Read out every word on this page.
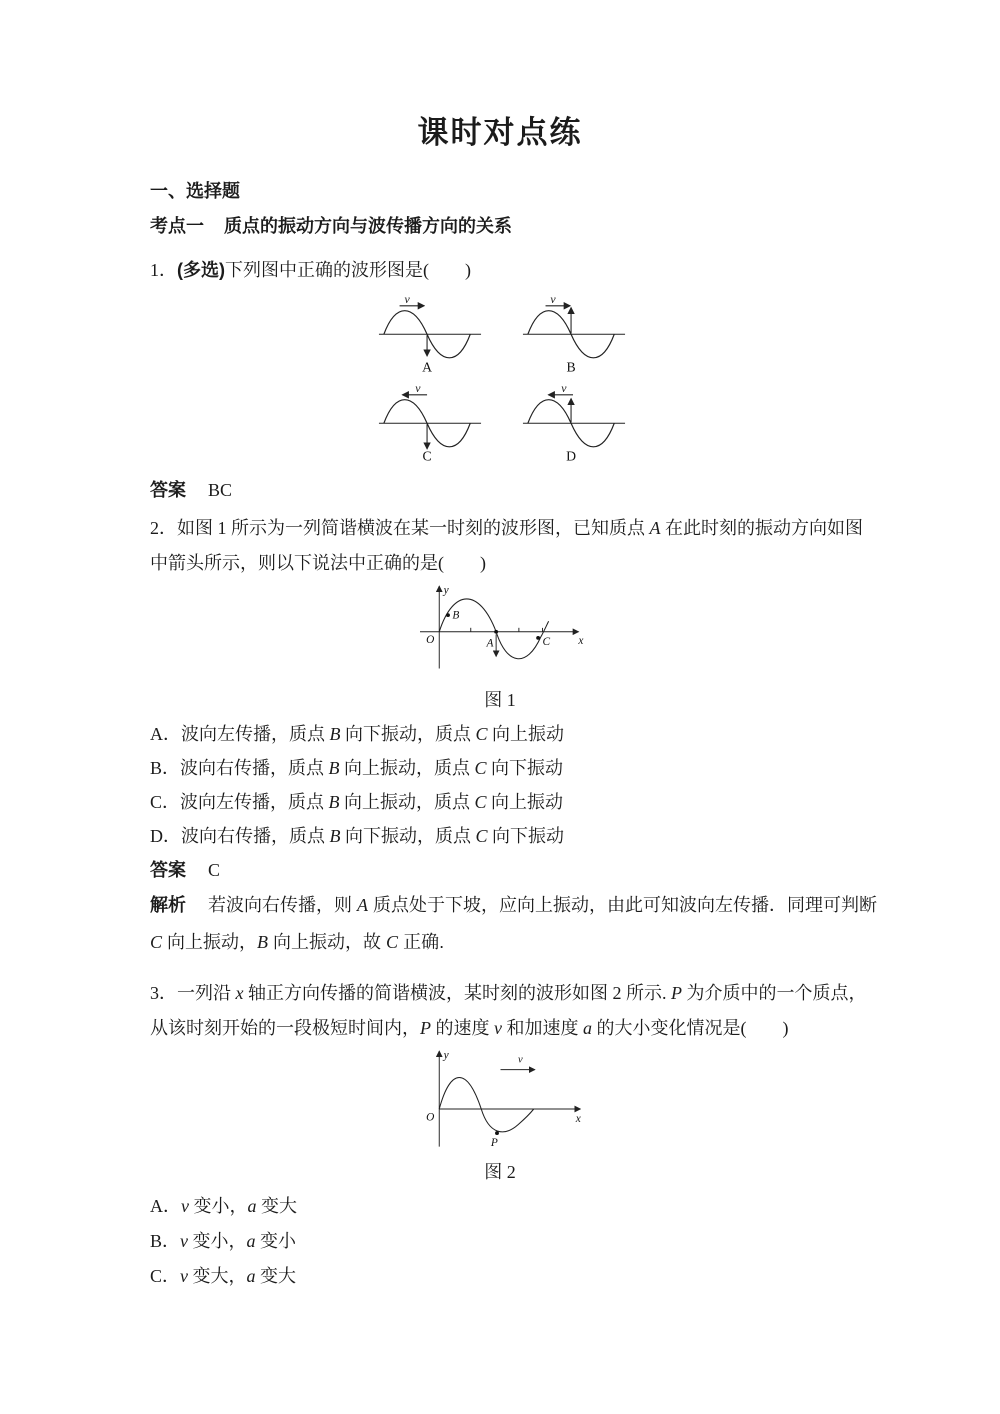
课时对点练
一、选择题
考点一 质点的振动方向与波传播方向的关系
1．(多选)下列图中正确的波形图是(　　)
v
A
v
B
v
C
v
D
答案 BC
2．如图 1 所示为一列简谐横波在某一时刻的波形图，已知质点 A 在此时刻的振动方向如图
中箭头所示，则以下说法中正确的是(　　)
y
x
O
B
A	C
图 1
A．波向左传播，质点 B 向下振动，质点 C 向上振动
B．波向右传播，质点 B 向上振动，质点 C 向下振动
C．波向左传播，质点 B 向上振动，质点 C 向上振动
D．波向右传播，质点 B 向下振动，质点 C 向下振动
答案 C
解析 若波向右传播，则 A 质点处于下坡，应向上振动，由此可知波向左传播．同理可判断
C 向上振动，B 向上振动，故 C 正确.
3．一列沿 x 轴正方向传播的简谐横波，某时刻的波形如图 2 所示. P 为介质中的一个质点，
从该时刻开始的一段极短时间内，P 的速度 v 和加速度 a 的大小变化情况是(　　)
y
x
O
v
P
图 2
A．v 变小，a 变大
B．v 变小，a 变小
C．v 变大，a 变大
